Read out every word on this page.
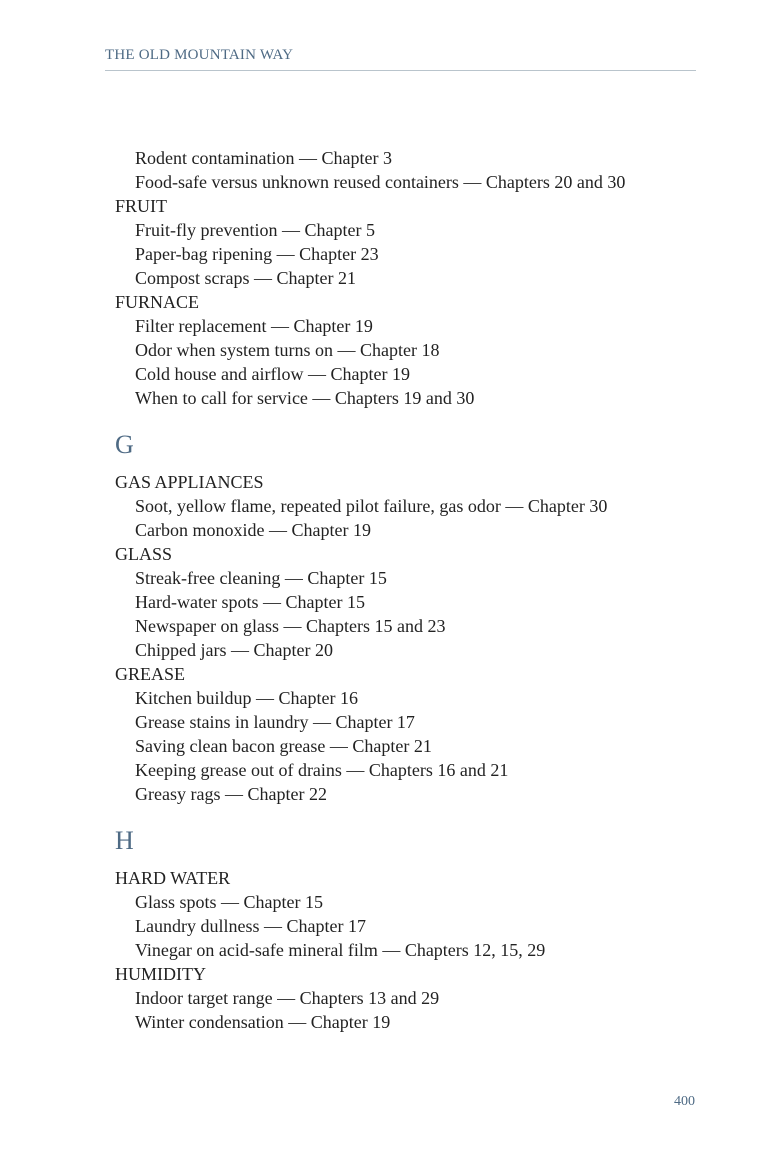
THE OLD MOUNTAIN WAY
Rodent contamination — Chapter 3
Food-safe versus unknown reused containers — Chapters 20 and 30
FRUIT
Fruit-fly prevention — Chapter 5
Paper-bag ripening — Chapter 23
Compost scraps — Chapter 21
FURNACE
Filter replacement — Chapter 19
Odor when system turns on — Chapter 18
Cold house and airflow — Chapter 19
When to call for service — Chapters 19 and 30
G
GAS APPLIANCES
Soot, yellow flame, repeated pilot failure, gas odor — Chapter 30
Carbon monoxide — Chapter 19
GLASS
Streak-free cleaning — Chapter 15
Hard-water spots — Chapter 15
Newspaper on glass — Chapters 15 and 23
Chipped jars — Chapter 20
GREASE
Kitchen buildup — Chapter 16
Grease stains in laundry — Chapter 17
Saving clean bacon grease — Chapter 21
Keeping grease out of drains — Chapters 16 and 21
Greasy rags — Chapter 22
H
HARD WATER
Glass spots — Chapter 15
Laundry dullness — Chapter 17
Vinegar on acid-safe mineral film — Chapters 12, 15, 29
HUMIDITY
Indoor target range — Chapters 13 and 29
Winter condensation — Chapter 19
400
